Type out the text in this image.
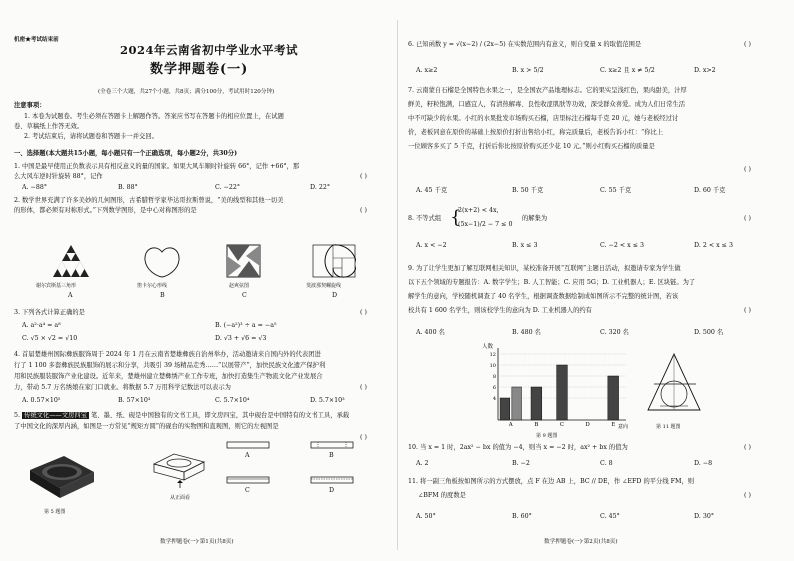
机密★考试结束前
2024年云南省初中学业水平考试
数学押题卷(一)
(全卷三个大题，共27个小题，共8页；满分100分，考试用时120分钟)
注意事项：
1. 本卷为试题卷。考生必须在答题卡上解题作答。答案应书写在答题卡的相应位置上，在试题
卷、草稿纸上作答无效。
2. 考试结束后，请将试题卷和答题卡一并交回。
一、选择题(本大题共15小题，每小题只有一个正确选项，每小题2分，共30分)
1. 中国是最早使用正负数表示具有相反意义的量的国家。如果大风车顺时针旋转 66°，记作 +66°，那
么大风车逆时针旋转 88°，记作	( )
A. −88°	B. 88°	C. −22°	D. 22°
2. 数学世界充满了许多美妙的几何图形，古希腊哲学家毕达哥拉斯曾说，“美的线型和其他一切美
的形体，都必须有对称形式。”下列数学图形，是中心对称图形的是	( )
谢尔宾斯基三角形	笛卡尔心形线	赵爽弦图	斐波那契螺旋线
A	B	C	D
3. 下列各式计算正确的是	( )
A. a²·a⁴ = a⁸	B. (−a²)³ ÷ a = −a⁵
C. √5 × √2 = √10	D. √3 + √6 = √3
4. 首届楚雄州国际彝族服饰周于 2024 年 1 月在云南省楚雄彝族自治州举办，活动邀请来自国内外的代表团进
行了 1 100 多套彝族民族服饰的展示和分享，共吸引 39 场精品走秀……“以展带产”，加快民族文化遗产保护利
用和民族服装服饰产业化建设。近年来，楚雄州建立楚彝绣产业工作专班，加快打造集生产物流文化产业发展合
力，带动 5.7 万名绣娘在家门口就业。将数据 5.7 万用科学记数法可以表示为	( )
A. 0.57×10⁵	B. 57×10³	C. 5.7×10⁴	D. 5.7×10³
5. 传统文化——文房四宝 笔、墨、纸、砚是中国独有的文书工具，即文房四宝，其中砚台是中国特有的文书工具，承载
了中国文化的深厚内涵，如图是一方常见“规矩方圆”的砚台的实物图和直观图，则它的左视图是
( )
从正面看
第 5 题图
A	B
C	D
数学押题卷(一)·第1页(共8页)
6. 已知函数 y = √(x−2) / (2x−5) 在实数范围内有意义，则自变量 x 的取值范围是	( )
A. x≥2	B. x > 5/2	C. x≥2 且 x ≠ 5/2	D. x>2
7. 云南蒙自石榴是全国特色水果之一，是全国农产品地理标志。它的果实呈浅红色，果肉甜美，汁厚
鲜美，籽粒饱满，口感宜人，有清热解毒、良性收涩肌肤等功效，深受群众喜爱。成为人们日常生活
中不可缺少的水果。小红的水果批发市场购买石榴，店里标注石榴每千克 20 元，她与老板经过讨
价，老板同意在原价的基础上按原价打折出售给小红，称完质量后，老板告诉小红：“你比上
一位顾客多买了 5 千克，打折后你比按原价购买还少花 10 元。”则小红购买石榴的质量是
( )
A. 45 千克	B. 50 千克	C. 55 千克	D. 60 千克
8. 不等式组 {
2(x+2) < 4x,
(5x−1)/2 − 7 ≤ 0
的解集为	( )
A. x < −2	B. x ≤ 3	C. −2 < x ≤ 3	D. 2 < x ≤ 3
9. 为了让学生更加了解互联网相关知识，某校准备开展“互联网”主题日活动，拟邀请专家为学生做
以下五个领域的专题报告：A. 数字学生；B. 人工智能；C. 应用 5G；D. 工业机器人；E. 区块链。为了
解学生的意向，学校随机调查了 40 名学生，根据调查数据绘制成如图所示不完整的统计图，若该
校共有 1 600 名学生，则该校学生的意向为 D. 工业机器人的约有	( )
A. 400 名	B. 480 名	C. 320 名	D. 500 名
A	B	C	D	E
4
6
8
10
12
人数
意向
第 9 题图
第 11 题图
10. 当 x = 1 时，2ax² − bx 的值为 −4，则当 x = −2 时，ax² + bx 的值为	( )
A. 2	B. −2	C. 8	D. −8
11. 将一副三角板按如图所示的方式摆放，点 F 在边 AB 上，BC // DE，作 ∠EFD 的平分线 FM，则
∠BFM 的度数是	( )
A. 50°	B. 60°	C. 45°	D. 30°
数学押题卷(一)·第2页(共8页)
